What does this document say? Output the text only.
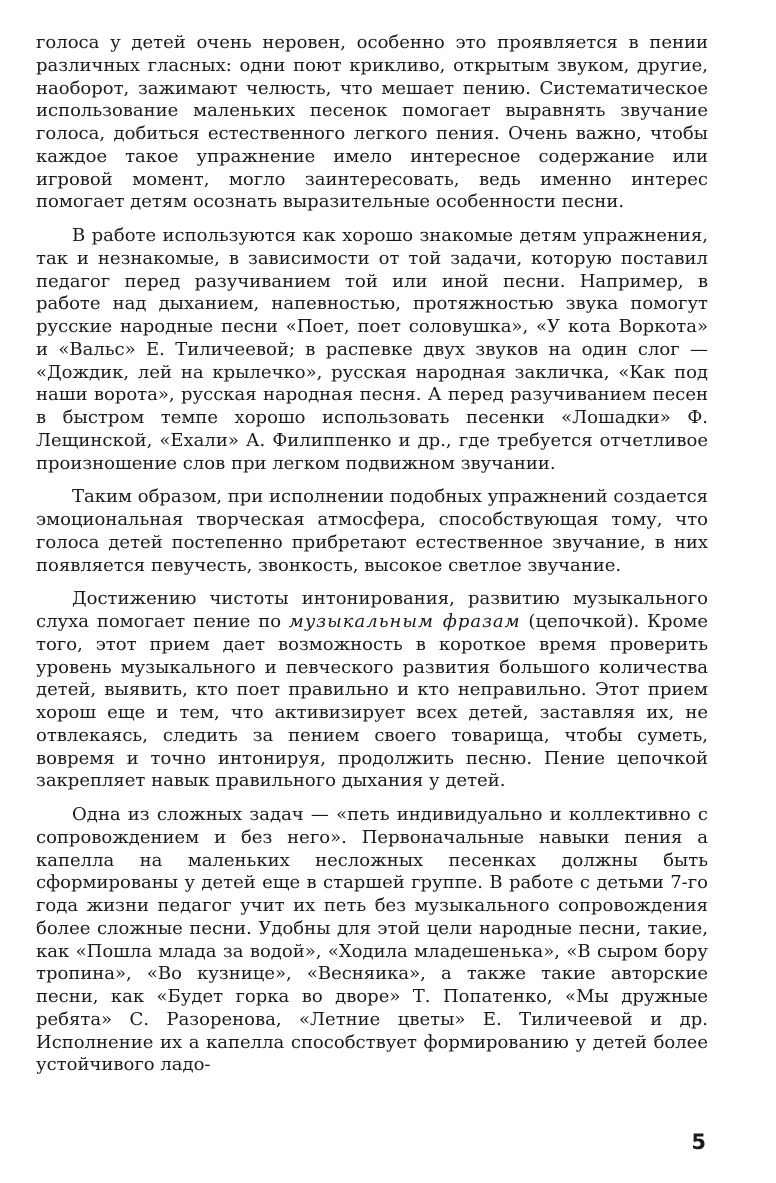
голоса у детей очень неровен, особенно это проявляется в пении различных гласных: одни поют крикливо, открытым звуком, другие, наоборот, зажимают челюсть, что мешает пению. Систематическое использование маленьких песенок помогает выравнять звучание голоса, добиться естественного легкого пения. Очень важно, чтобы каждое такое упражнение имело интересное содержание или игровой момент, могло заинтересовать, ведь именно интерес помогает детям осознать выразительные особенности песни.

В работе используются как хорошо знакомые детям упражнения, так и незнакомые, в зависимости от той задачи, которую поставил педагог перед разучиванием той или иной песни. Например, в работе над дыханием, напевностью, протяжностью звука помогут русские народные песни «Поет, поет соловушка», «У кота Воркота» и «Вальс» Е. Тиличеевой; в распевке двух звуков на один слог — «Дождик, лей на крылечко», русская народная закличка, «Как под наши ворота», русская народная песня. А перед разучиванием песен в быстром темпе хорошо использовать песенки «Лошадки» Ф. Лещинской, «Ехали» А. Филиппенко и др., где требуется отчетливое произношение слов при легком подвижном звучании.

Таким образом, при исполнении подобных упражнений создается эмоциональная творческая атмосфера, способствующая тому, что голоса детей постепенно прибретают естественное звучание, в них появляется певучесть, звонкость, высокое светлое звучание.

Достижению чистоты интонирования, развитию музыкального слуха помогает пение по музыкальным фразам (цепочкой). Кроме того, этот прием дает возможность в короткое время проверить уровень музыкального и певческого развития большого количества детей, выявить, кто поет правильно и кто неправильно. Этот прием хорош еще и тем, что активизирует всех детей, заставляя их, не отвлекаясь, следить за пением своего товарища, чтобы суметь, вовремя и точно интонируя, продолжить песню. Пение цепочкой закрепляет навык правильного дыхания у детей.

Одна из сложных задач — «петь индивидуально и коллективно с сопровождением и без него». Первоначальные навыки пения а капелла на маленьких несложных песенках должны быть сформированы у детей еще в старшей группе. В работе с детьми 7-го года жизни педагог учит их петь без музыкального сопровождения более сложные песни. Удобны для этой цели народные песни, такие, как «Пошла млада за водой», «Ходила младешенька», «В сыром бору тропина», «Во кузнице», «Весняика», а также такие авторские песни, как «Будет горка во дворе» Т. Попатенко, «Мы дружные ребята» С. Разоренова, «Летние цветы» Е. Тиличеевой и др. Исполнение их а капелла способствует формированию у детей более устойчивого ладо-

5
